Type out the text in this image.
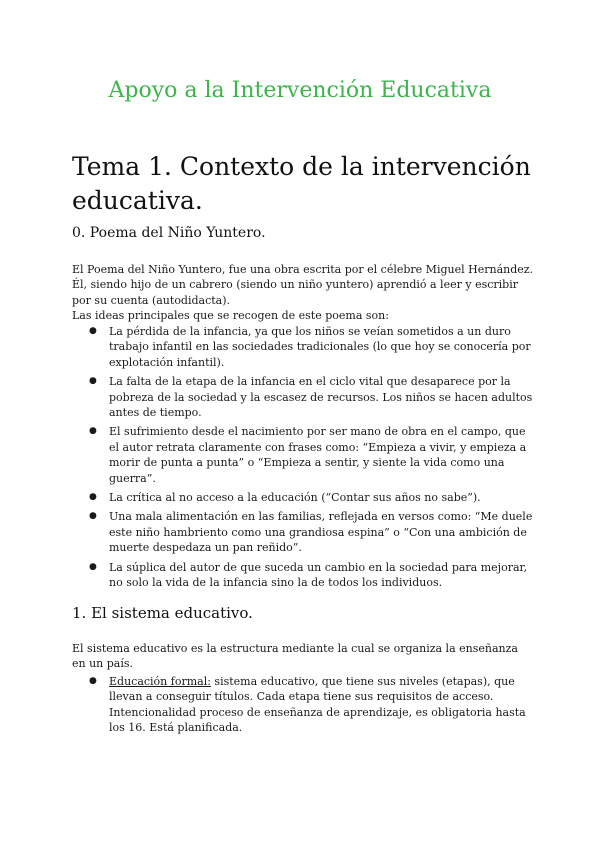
Apoyo a la Intervención Educativa
Tema 1. Contexto de la intervención educativa.
0. Poema del Niño Yuntero.

El Poema del Niño Yuntero, fue una obra escrita por el célebre Miguel Hernández. Él, siendo hijo de un cabrero (siendo un niño yuntero) aprendió a leer y escribir por su cuenta (autodidacta).

Las ideas principales que se recogen de este poema son:

● La pérdida de la infancia, ya que los niños se veían sometidos a un duro trabajo infantil en las sociedades tradicionales (lo que hoy se conocería por explotación infantil).
● La falta de la etapa de la infancia en el ciclo vital que desaparece por la pobreza de la sociedad y la escasez de recursos. Los niños se hacen adultos antes de tiempo.
● El sufrimiento desde el nacimiento por ser mano de obra en el campo, que el autor retrata claramente con frases como: “Empieza a vivir, y empieza a morir de punta a punta” o “Empieza a sentir, y siente la vida como una guerra”.
● La crítica al no acceso a la educación (“Contar sus años no sabe”).
● Una mala alimentación en las familias, reflejada en versos como: “Me duele este niño hambriento como una grandiosa espina” o “Con una ambición de muerte despedaza un pan reñido”.
● La súplica del autor de que suceda un cambio en la sociedad para mejorar, no solo la vida de la infancia sino la de todos los individuos.
1. El sistema educativo.

El sistema educativo es la estructura mediante la cual se organiza la enseñanza en un país.

● Educación formal: sistema educativo, que tiene sus niveles (etapas), que llevan a conseguir títulos. Cada etapa tiene sus requisitos de acceso. Intencionalidad proceso de enseñanza de aprendizaje, es obligatoria hasta los 16. Está planificada.
